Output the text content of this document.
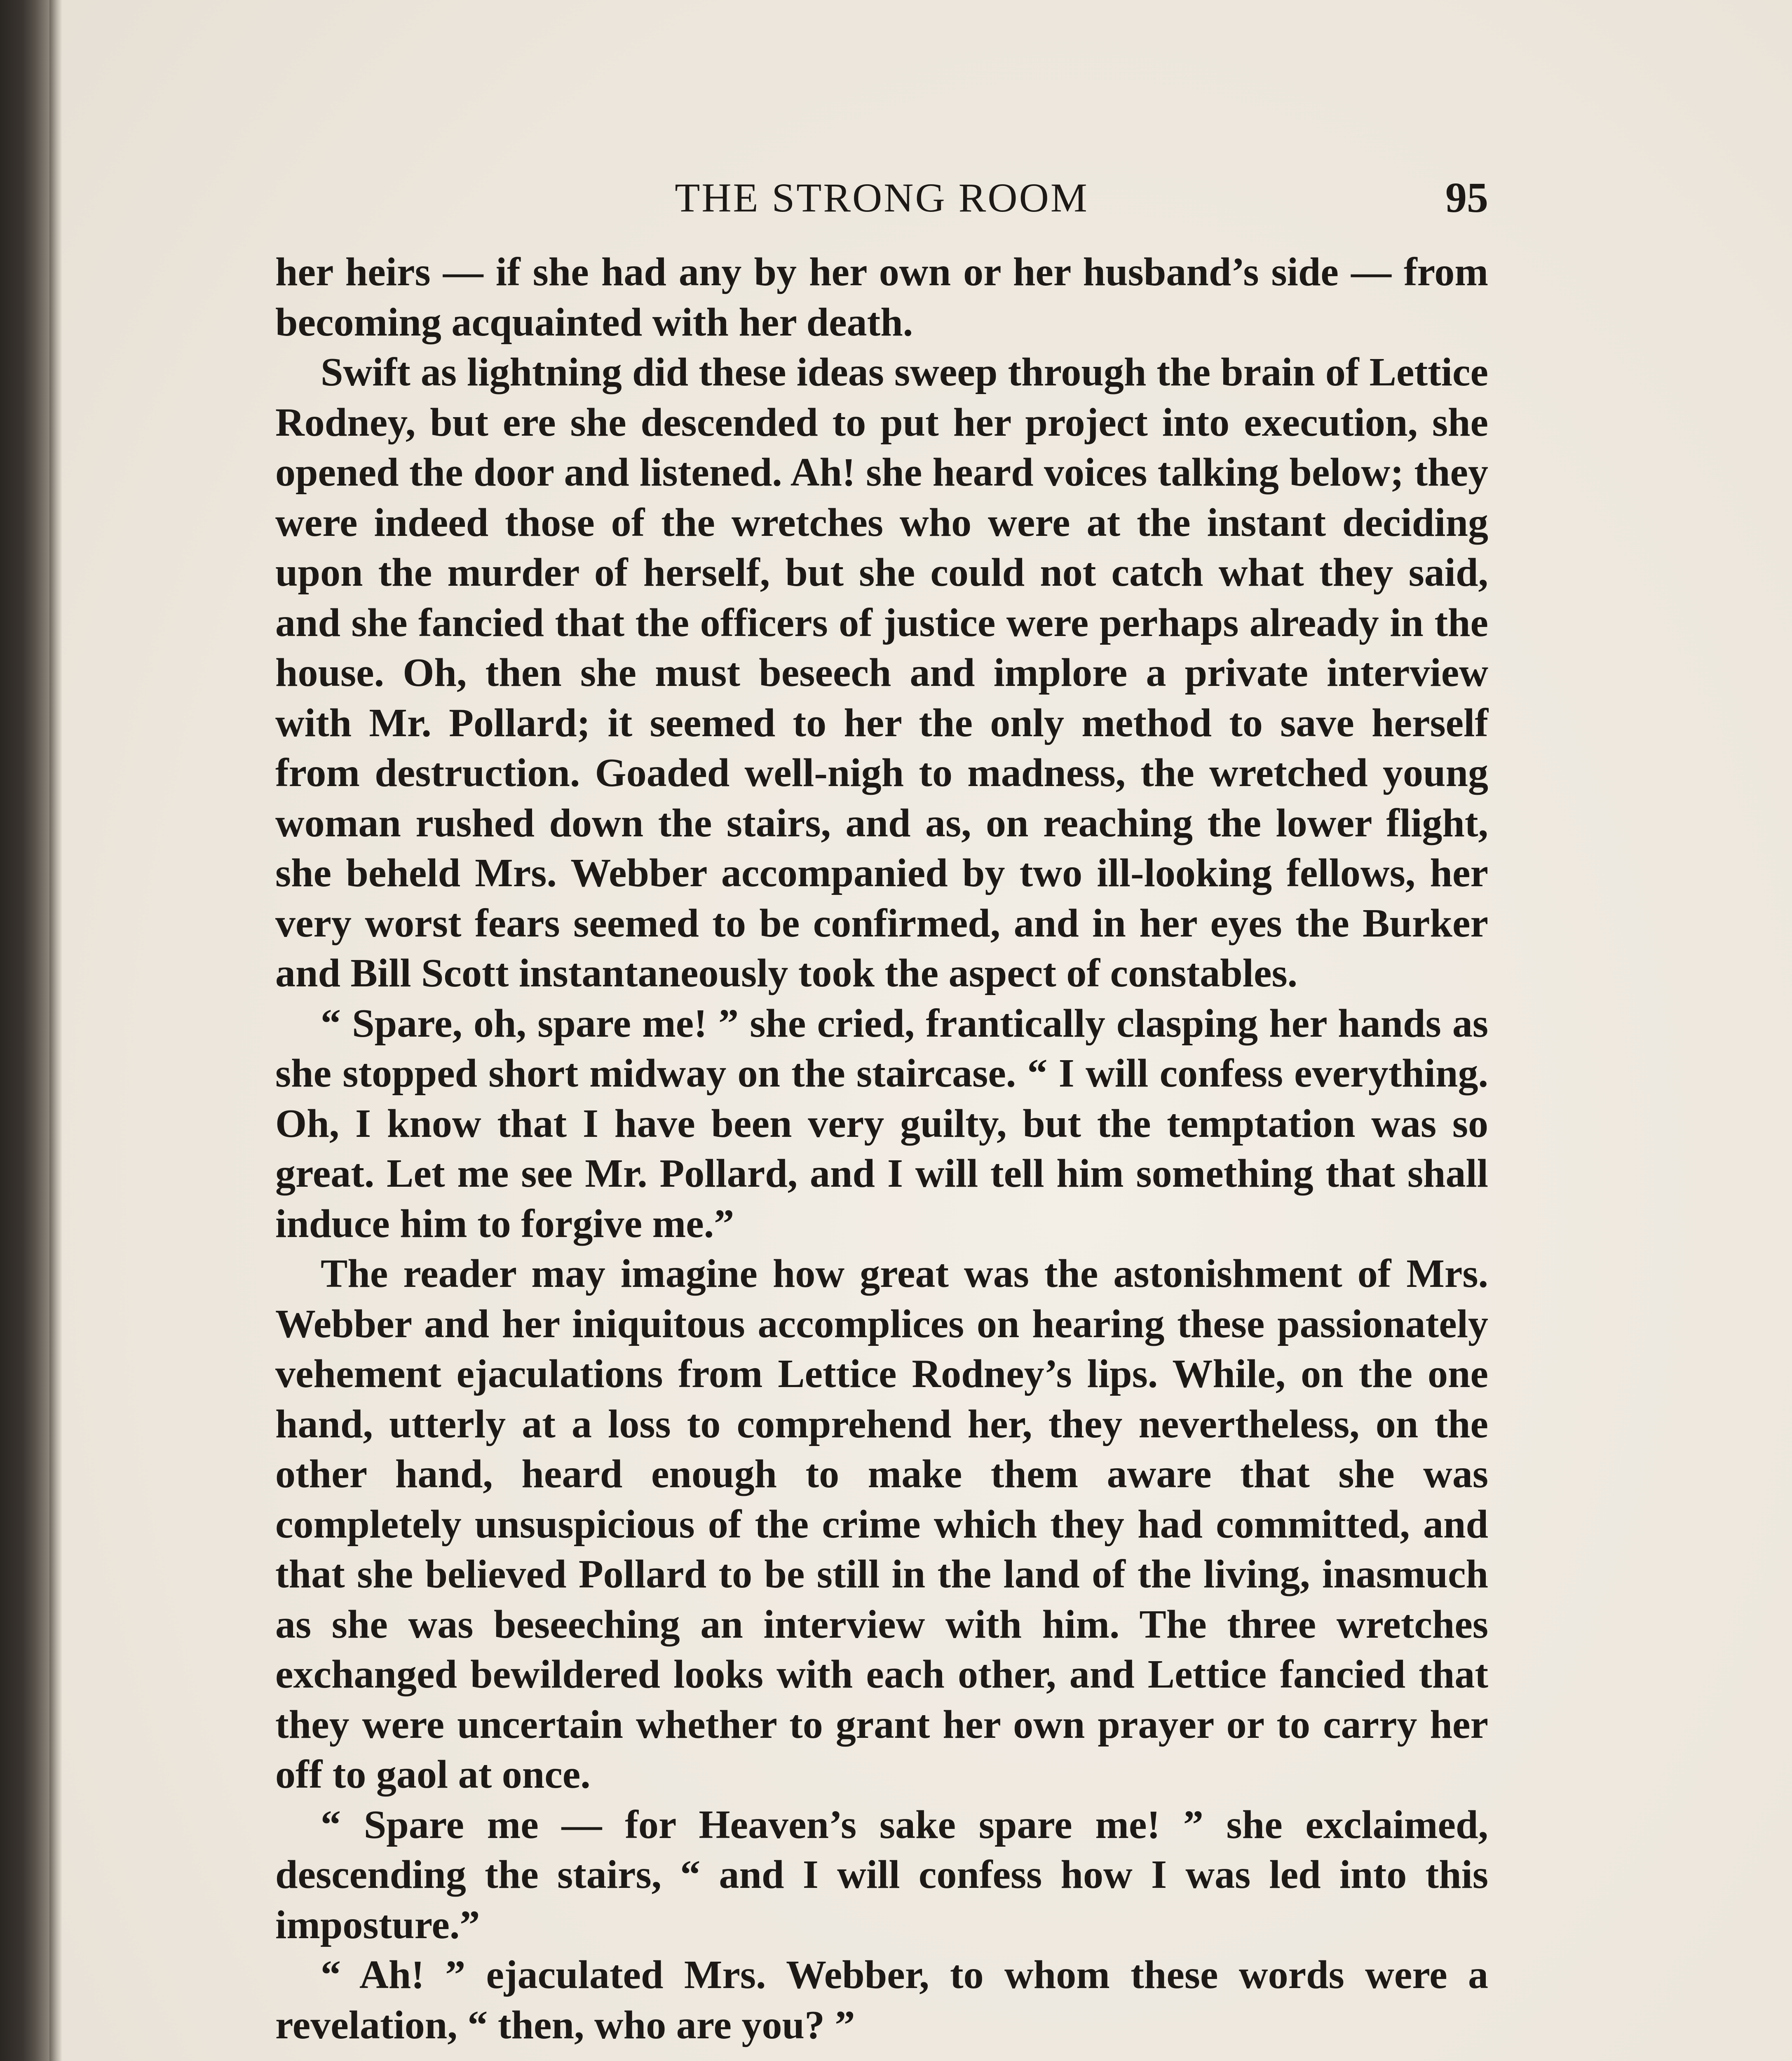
THE STRONG ROOM	95

her heirs — if she had any by her own or her husband’s side — from becoming acquainted with her death.

Swift as lightning did these ideas sweep through the brain of Lettice Rodney, but ere she descended to put her project into execution, she opened the door and listened. Ah! she heard voices talking below; they were indeed those of the wretches who were at the instant deciding upon the murder of herself, but she could not catch what they said, and she fancied that the officers of justice were perhaps already in the house. Oh, then she must beseech and implore a private interview with Mr. Pollard; it seemed to her the only method to save herself from destruction. Goaded well-nigh to madness, the wretched young woman rushed down the stairs, and as, on reaching the lower flight, she beheld Mrs. Webber accompanied by two ill-looking fellows, her very worst fears seemed to be confirmed, and in her eyes the Burker and Bill Scott instantaneously took the aspect of constables.

“ Spare, oh, spare me! ” she cried, frantically clasping her hands as she stopped short midway on the staircase. “ I will confess everything. Oh, I know that I have been very guilty, but the temptation was so great. Let me see Mr. Pollard, and I will tell him something that shall induce him to forgive me.”

The reader may imagine how great was the astonishment of Mrs. Webber and her iniquitous accomplices on hearing these passionately vehement ejaculations from Lettice Rodney’s lips. While, on the one hand, utterly at a loss to comprehend her, they nevertheless, on the other hand, heard enough to make them aware that she was completely unsuspicious of the crime which they had committed, and that she believed Pollard to be still in the land of the living, inasmuch as she was beseeching an interview with him. The three wretches exchanged bewildered looks with each other, and Lettice fancied that they were uncertain whether to grant her own prayer or to carry her off to gaol at once.

“ Spare me — for Heaven’s sake spare me! ” she exclaimed, descending the stairs, “ and I will confess how I was led into this imposture.”

“ Ah! ” ejaculated Mrs. Webber, to whom these words were a revelation, “ then, who are you? ”
